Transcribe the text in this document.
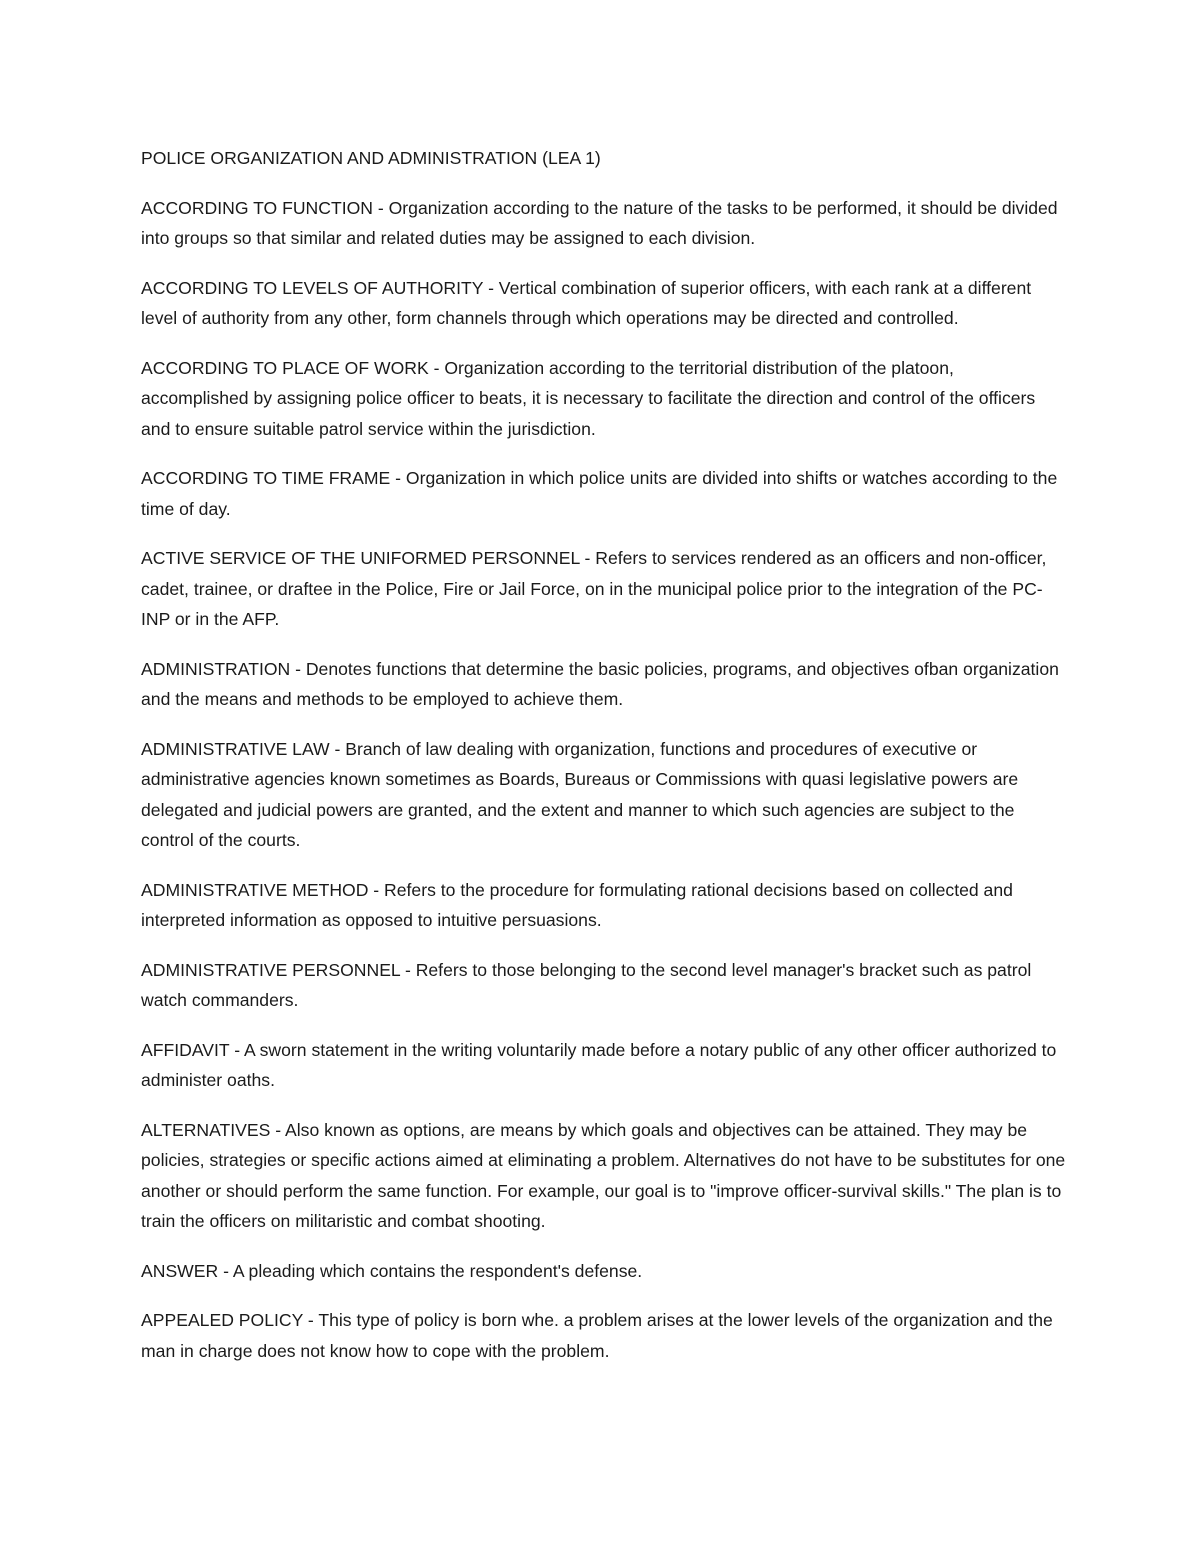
POLICE ORGANIZATION AND ADMINISTRATION (LEA 1)

ACCORDING TO FUNCTION - Organization according to the nature of the tasks to be performed, it should be divided into groups so that similar and related duties may be assigned to each division.

ACCORDING TO LEVELS OF AUTHORITY - Vertical combination of superior officers, with each rank at a different level of authority from any other, form channels through which operations may be directed and controlled.

ACCORDING TO PLACE OF WORK - Organization according to the territorial distribution of the platoon, accomplished by assigning police officer to beats, it is necessary to facilitate the direction and control of the officers and to ensure suitable patrol service within the jurisdiction.

ACCORDING TO TIME FRAME - Organization in which police units are divided into shifts or watches according to the time of day.

ACTIVE SERVICE OF THE UNIFORMED PERSONNEL - Refers to services rendered as an officers and non-officer, cadet, trainee, or draftee in the Police, Fire or Jail Force, on in the municipal police prior to the integration of the PC-INP or in the AFP.

ADMINISTRATION - Denotes functions that determine the basic policies, programs, and objectives ofban organization and the means and methods to be employed to achieve them.

ADMINISTRATIVE LAW - Branch of law dealing with organization, functions and procedures of executive or administrative agencies known sometimes as Boards, Bureaus or Commissions with quasi legislative powers are delegated and judicial powers are granted, and the extent and manner to which such agencies are subject to the control of the courts.

ADMINISTRATIVE METHOD - Refers to the procedure for formulating rational decisions based on collected and interpreted information as opposed to intuitive persuasions.

ADMINISTRATIVE PERSONNEL - Refers to those belonging to the second level manager's bracket such as patrol watch commanders.

AFFIDAVIT - A sworn statement in the writing voluntarily made before a notary public of any other officer authorized to administer oaths.

ALTERNATIVES - Also known as options, are means by which goals and objectives can be attained. They may be policies, strategies or specific actions aimed at eliminating a problem. Alternatives do not have to be substitutes for one another or should perform the same function. For example, our goal is to "improve officer-survival skills." The plan is to train the officers on militaristic and combat shooting.

ANSWER - A pleading which contains the respondent's defense.

APPEALED POLICY - This type of policy is born whe. a problem arises at the lower levels of the organization and the man in charge does not know how to cope with the problem.
